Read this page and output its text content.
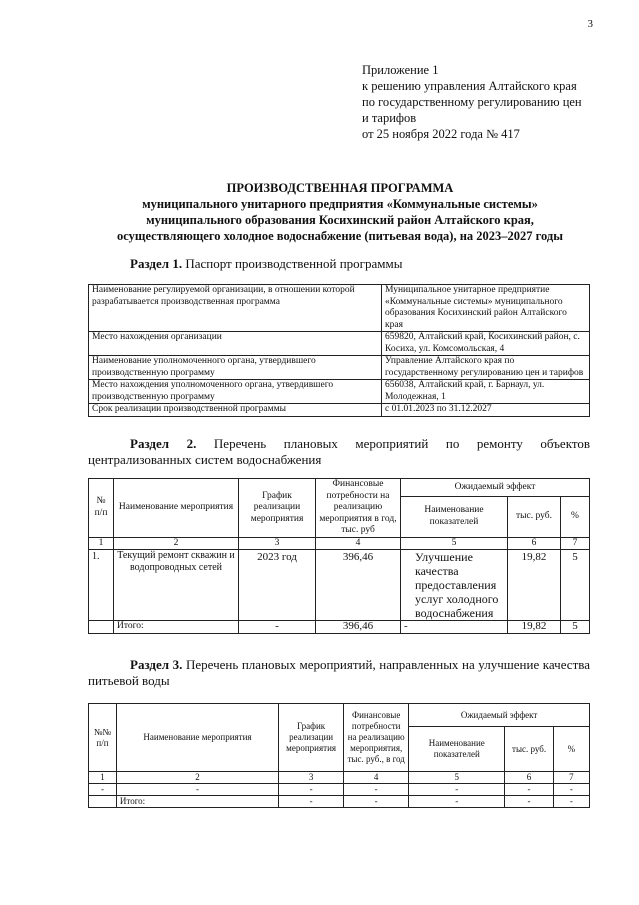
3
Приложение 1
к решению управления Алтайского края
по государственному регулированию цен
и тарифов
от 25 ноября 2022 года № 417
ПРОИЗВОДСТВЕННАЯ ПРОГРАММА
муниципального унитарного предприятия «Коммунальные системы»
муниципального образования Косихинский район Алтайского края,
осуществляющего холодное водоснабжение (питьевая вода), на 2023–2027 годы
Раздел 1. Паспорт производственной программы
Наименование регулируемой организации, в отношении которой разрабатывается производственная программа	Муниципальное унитарное предприятие «Коммунальные системы» муниципального образования Косихинский район Алтайского края
Место нахождения организации	659820, Алтайский край, Косихинский район, с. Косиха, ул. Комсомольская, 4
Наименование уполномоченного органа, утвердившего производственную программу	Управление Алтайского края по государственному регулированию цен и тарифов
Место нахождения уполномоченного органа, утвердившего производственную программу	656038, Алтайский край, г. Барнаул, ул. Молодежная, 1
Срок реализации производственной программы	с 01.01.2023 по 31.12.2027
Раздел 2. Перечень плановых мероприятий по ремонту объектов централизованных систем водоснабжения
№ п/п	Наименование мероприятия	График реализации мероприятия	Финансовые потребности на реализацию мероприятия в год, тыс. руб	Ожидаемый эффект		
				Наименование показателей	тыс. руб.	%
1	2	3	4	5	6	7
1.	Текущий ремонт скважин и водопроводных сетей	2023 год	396,46	Улучшение качества предоставления услуг холодного водоснабжения	19,82	5
	Итого:	-	396,46	-	19,82	5
Раздел 3. Перечень плановых мероприятий, направленных на улучшение качества питьевой воды
№№ п/п	Наименование мероприятия	График реализации мероприятия	Финансовые потребности на реализацию мероприятия, тыс. руб., в год	Ожидаемый эффект		
				Наименование показателей	тыс. руб.	%
1	2	3	4	5	6	7
-	-	-	-	-	-	-
	Итого:	-	-	-	-	-
